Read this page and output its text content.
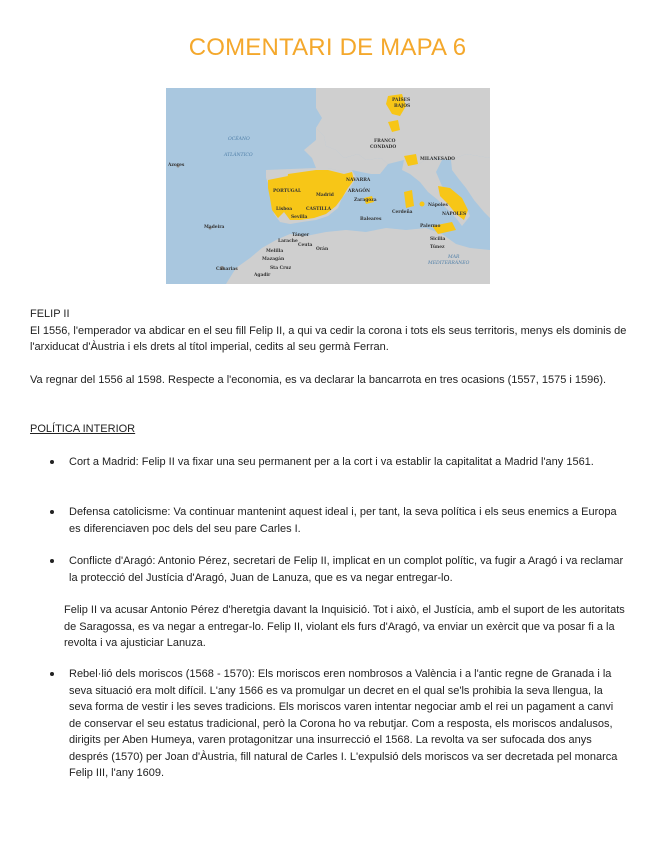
COMENTARI DE MAPA 6
OCÉANO
ATLÁNTICO
MAR
MEDITERRÁNEO
PAÍSES
BAJOS
FRANCO
CONDADO
MILANESADO
NAVARRA
ARAGÓN
PORTUGAL
CASTILLA
Madrid
Lisboa
Sevilla
Zaragoza
Baleares
Cerdeña	NÁPOLES
Nápoles
Sicilia
Palermo
Azores
Madeira
Canarias
Tánger
Ceuta
Melilla	Orán	Túnez
Mazagán
Agadir
Larache
Sta Cruz

FELIP II

El 1556, l'emperador va abdicar en el seu fill Felip II, a qui va cedir la corona i tots els seus territoris, menys els dominis de l'arxiducat d'Àustria i els drets al títol imperial, cedits al seu germà Ferran.

Va regnar del 1556 al 1598. Respecte a l'economia, es va declarar la bancarrota en tres ocasions (1557, 1575 i 1596).

POLÍTICA INTERIOR
Cort a Madrid: Felip II va fixar una seu permanent per a la cort i va establir la capitalitat a Madrid l'any 1561.
Defensa catolicisme: Va continuar mantenint aquest ideal i, per tant, la seva política i els seus enemics a Europa es diferenciaven poc dels del seu pare Carles I.
Conflicte d'Aragó: Antonio Pérez, secretari de Felip II, implicat en un complot polític, va fugir a Aragó i va reclamar la protecció del Justícia d'Aragó, Juan de Lanuza, que es va negar entregar-lo.
Felip II va acusar Antonio Pérez d'heretgia davant la Inquisició. Tot i això, el Justícia, amb el suport de les autoritats de Saragossa, es va negar a entregar-lo. Felip II, violant els furs d'Aragó, va enviar un exèrcit que va posar fi a la revolta i va ajusticiar Lanuza.
Rebel·lió dels moriscos (1568 - 1570): Els moriscos eren nombrosos a València i a l'antic regne de Granada i la seva situació era molt difícil. L'any 1566 es va promulgar un decret en el qual se'ls prohibia la seva llengua, la seva forma de vestir i les seves tradicions. Els moriscos varen intentar negociar amb el rei un pagament a canvi de conservar el seu estatus tradicional, però la Corona ho va rebutjar. Com a resposta, els moriscos andalusos, dirigits per Aben Humeya, varen protagonitzar una insurrecció el 1568. La revolta va ser sufocada dos anys després (1570) per Joan d'Àustria, fill natural de Carles I. L'expulsió dels moriscos va ser decretada pel monarca Felip III, l'any 1609.
